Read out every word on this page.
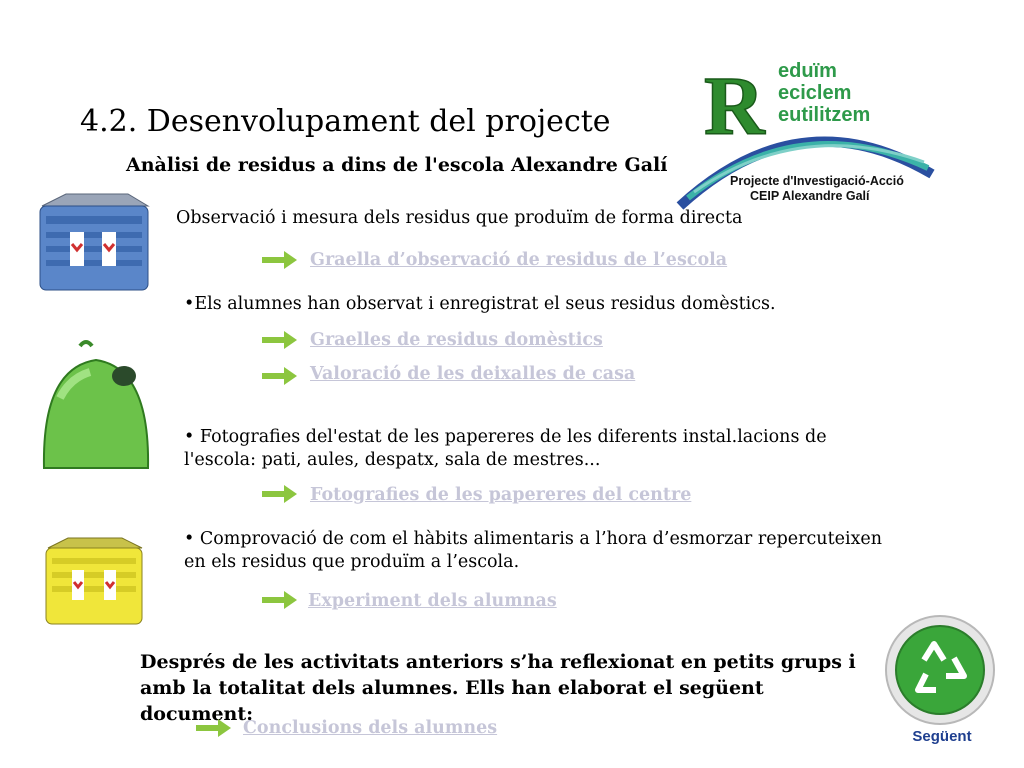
R eduïm
eciclem
eutilitzem
Projecte d'Investigació-Acció
CEIP Alexandre Galí
4.2. Desenvolupament del projecte
Anàlisi de residus a dins de l'escola Alexandre Galí
Observació i mesura dels residus que produïm de forma directa
Graella d’observació de residus de l’escola
•Els alumnes han observat i enregistrat el seus residus domèstics.
Graelles de residus domèstics
Valoració de les deixalles de casa
• Fotografies del'estat de les papereres de les diferents instal.lacions de l'escola: pati, aules, despatx, sala de mestres...
Fotografies de les papereres del centre
• Comprovació de com el hàbits alimentaris a l’hora d’esmorzar repercuteixen en els residus que produïm a l’escola.
Experiment dels alumnas
Després de les activitats anteriors s’ha reflexionat en petits grups i amb la totalitat dels alumnes. Ells han elaborat el següent document:
Conclusions dels alumnes	Següent
